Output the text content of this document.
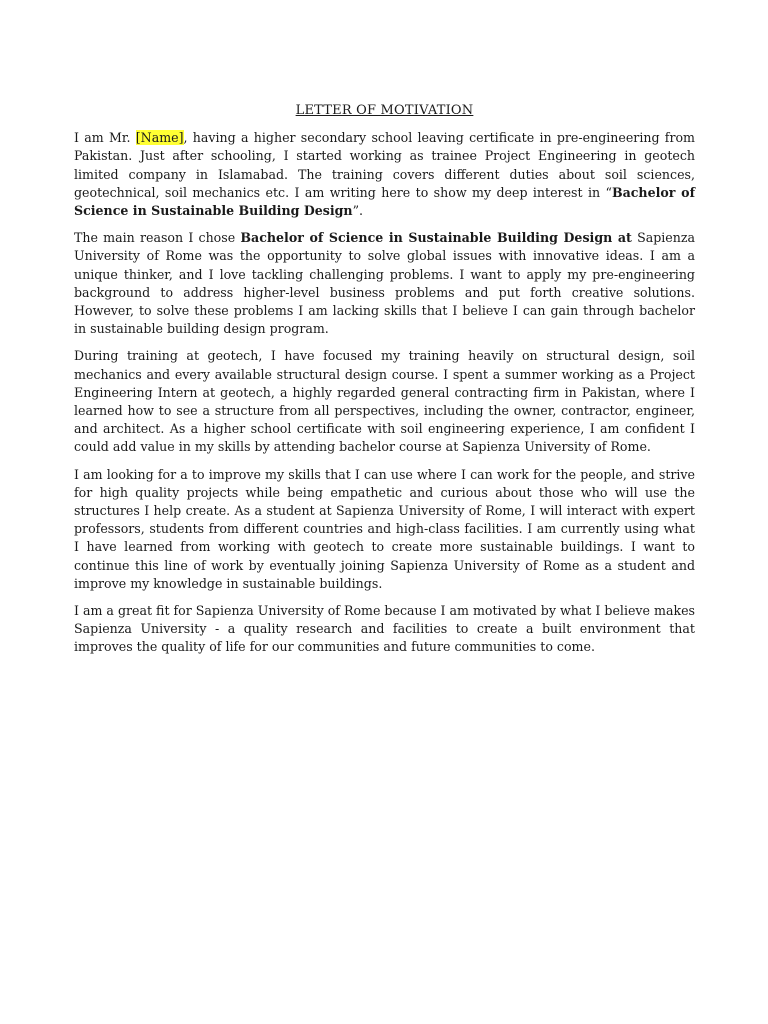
LETTER OF MOTIVATION

I am Mr. [Name], having a higher secondary school leaving certificate in pre-engineering from Pakistan. Just after schooling, I started working as trainee Project Engineering in geotech limited company in Islamabad. The training covers different duties about soil sciences, geotechnical, soil mechanics etc. I am writing here to show my deep interest in “Bachelor of Science in Sustainable Building Design”.

The main reason I chose Bachelor of Science in Sustainable Building Design at Sapienza University of Rome was the opportunity to solve global issues with innovative ideas. I am a unique thinker, and I love tackling challenging problems. I want to apply my pre-engineering background to address higher-level business problems and put forth creative solutions. However, to solve these problems I am lacking skills that I believe I can gain through bachelor in sustainable building design program.

During training at geotech, I have focused my training heavily on structural design, soil mechanics and every available structural design course. I spent a summer working as a Project Engineering Intern at geotech, a highly regarded general contracting firm in Pakistan, where I learned how to see a structure from all perspectives, including the owner, contractor, engineer, and architect. As a higher school certificate with soil engineering experience, I am confident I could add value in my skills by attending bachelor course at Sapienza University of Rome.

I am looking for a to improve my skills that I can use where I can work for the people, and strive for high quality projects while being empathetic and curious about those who will use the structures I help create. As a student at Sapienza University of Rome, I will interact with expert professors, students from different countries and high-class facilities. I am currently using what I have learned from working with geotech to create more sustainable buildings. I want to continue this line of work by eventually joining Sapienza University of Rome as a student and improve my knowledge in sustainable buildings.

I am a great fit for Sapienza University of Rome because I am motivated by what I believe makes Sapienza University - a quality research and facilities to create a built environment that improves the quality of life for our communities and future communities to come.
